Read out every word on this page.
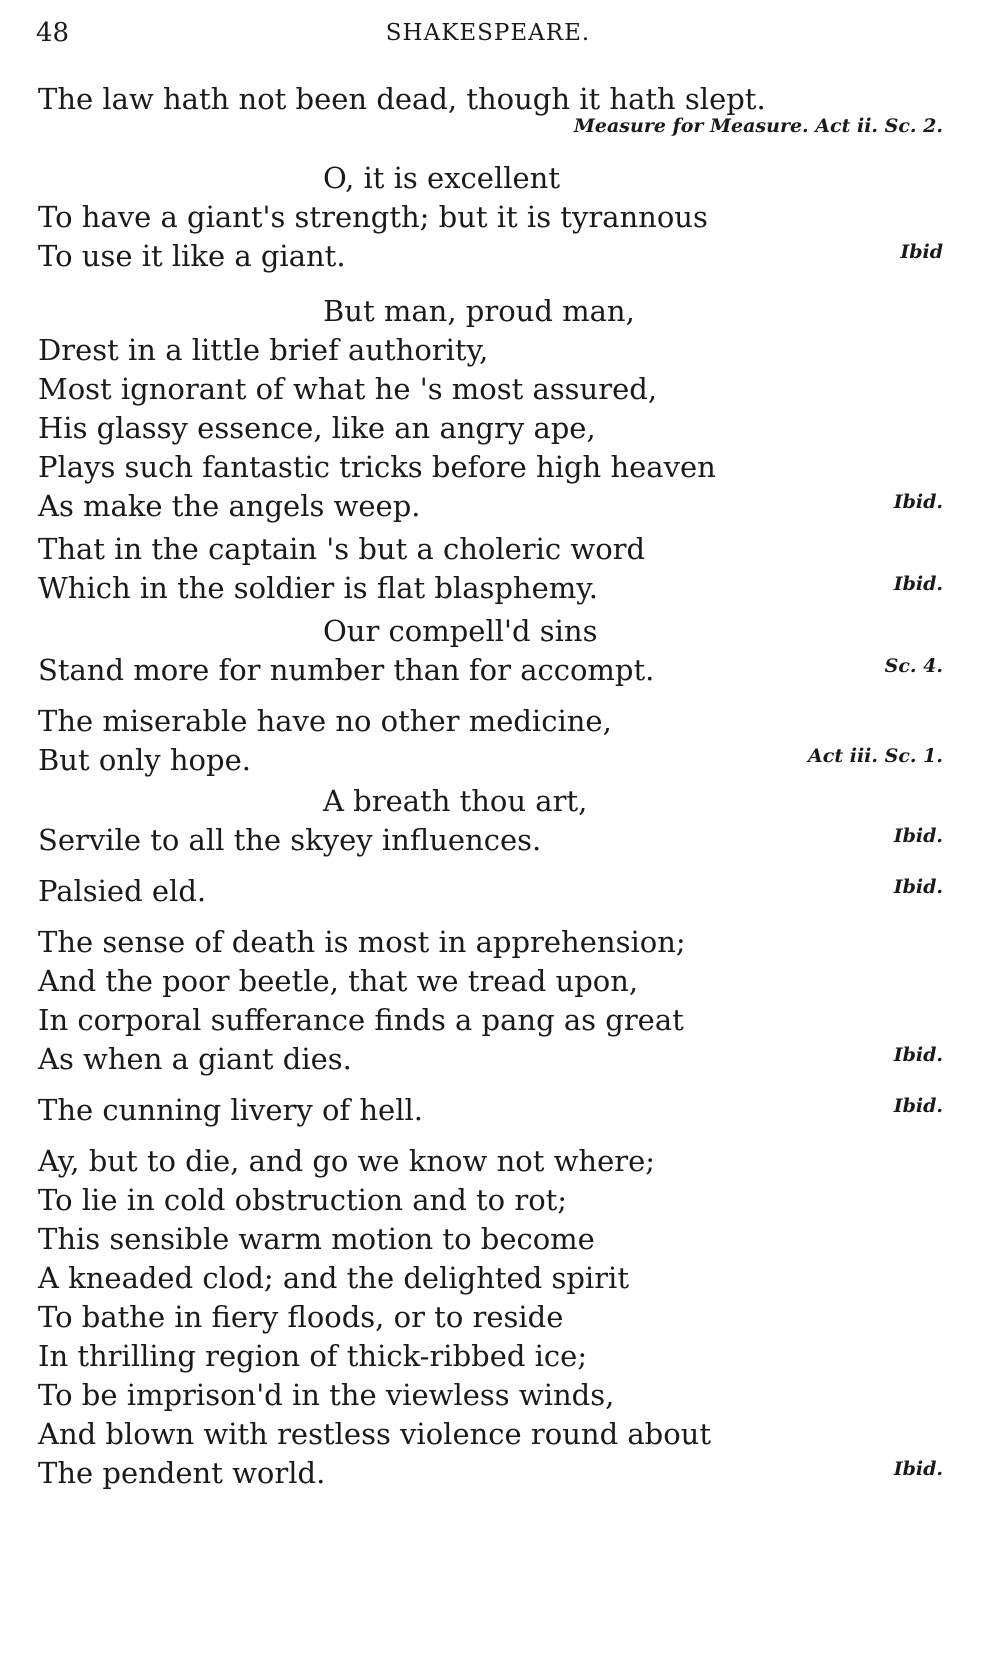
48	SHAKESPEARE.
The law hath not been dead, though it hath slept.
Measure for Measure. Act ii. Sc. 2.
O, it is excellent
To have a giant's strength; but it is tyrannous
To use it like a giant.	Ibid
But man, proud man,
Drest in a little brief authority,
Most ignorant of what he 's most assured,
His glassy essence, like an angry ape,
Plays such fantastic tricks before high heaven
As make the angels weep.	Ibid.
That in the captain 's but a choleric word
Which in the soldier is flat blasphemy.	Ibid.
Our compell'd sins
Stand more for number than for accompt.	Sc. 4.
The miserable have no other medicine,
But only hope.	Act iii. Sc. 1.
A breath thou art,
Servile to all the skyey influences.	Ibid.
Palsied eld.	Ibid.
The sense of death is most in apprehension;
And the poor beetle, that we tread upon,
In corporal sufferance finds a pang as great
As when a giant dies.	Ibid.
The cunning livery of hell.	Ibid.
Ay, but to die, and go we know not where;
To lie in cold obstruction and to rot;
This sensible warm motion to become
A kneaded clod; and the delighted spirit
To bathe in fiery floods, or to reside
In thrilling region of thick-ribbed ice;
To be imprison'd in the viewless winds,
And blown with restless violence round about
The pendent world.	Ibid.
